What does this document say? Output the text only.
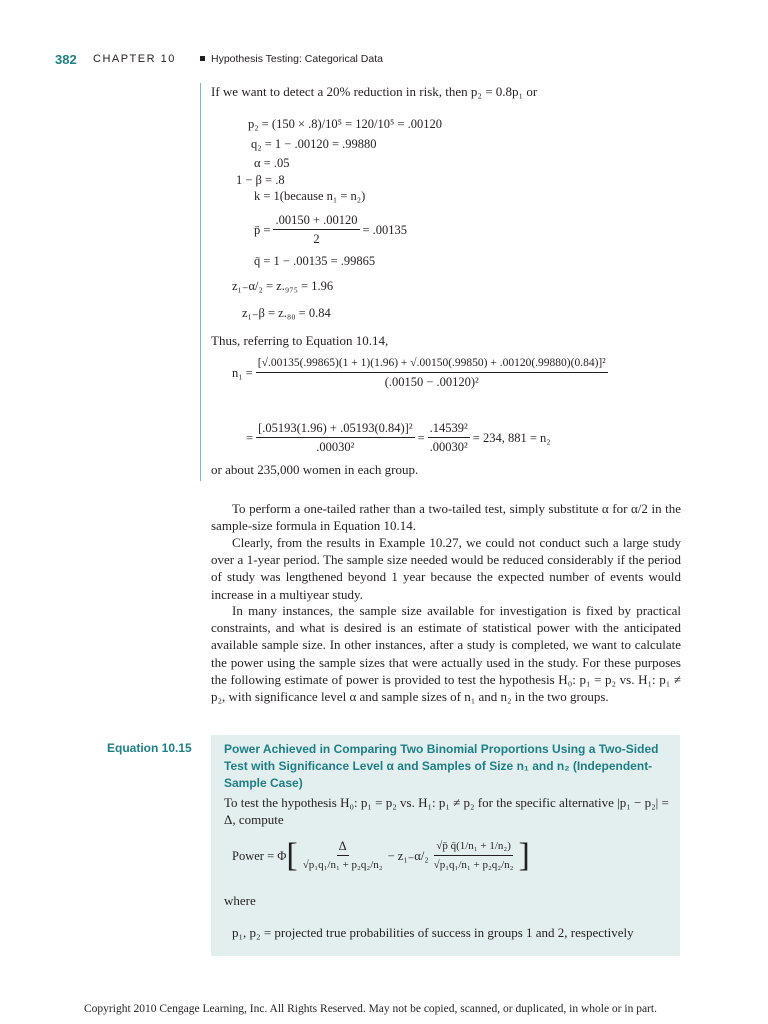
382 CHAPTER 10	Hypothesis Testing: Categorical Data
If we want to detect a 20% reduction in risk, then p₂ = 0.8p₁ or
p₂ = (150 × .8)/10⁵ = 120/10⁵ = .00120
q₂ = 1 − .00120 = .99880
α = .05
1 − β = .8
k = 1(because n₁ = n₂)
p̄ = $\frac{.00150 + .00120}{2} = .00135$
q̄ = 1 − .00135 = .99865
z₁₋α/₂ = z.₉₇₅ = 1.96
z₁₋β = z.₈₀ = 0.84
Thus, referring to Equation 10.14,
n₁ =
[√.00135(.99865)(1 + 1)(1.96) + √.00150(.99850) + .00120(.99880)(0.84)]²
(.00150 − .00120)²
= $\frac{\text{[.05193(1.96) + .05193(0.84)]²}}{\text{.00030²}} = \frac{\text{.14539²}}{\text{.00030²}} = 234$, 881 = n₂
or about 235,000 women in each group.
To perform a one-tailed rather than a two-tailed test, simply substitute α for α/2 in the sample-size formula in Equation 10.14.
Clearly, from the results in Example 10.27, we could not conduct such a large study over a 1-year period. The sample size needed would be reduced considerably if the period of study was lengthened beyond 1 year because the expected number of events would increase in a multiyear study.
In many instances, the sample size available for investigation is fixed by practical constraints, and what is desired is an estimate of statistical power with the anticipated available sample size. In other instances, after a study is completed, we want to calculate the power using the sample sizes that were actually used in the study. For these purposes the following estimate of power is provided to test the hypothesis H₀: p₁ = p₂ vs. H₁: p₁ ≠ p₂, with significance level α and sample sizes of n₁ and n₂ in the two groups.
Equation 10.15	Power Achieved in Comparing Two Binomial Proportions Using a Two-Sided Test with Significance Level α and Samples of Size n₁ and n₂ (Independent-Sample Case)
To test the hypothesis H₀: p₁ = p₂ vs. H₁: p₁ ≠ p₂ for the specific alternative |p₁ − p₂| = Δ, compute
Power = Φ [ $\frac{\Delta}{\text{√p₁q₁/n₁ + p₂q₂/n₂}} - z_{1-}\alpha/_2 \frac{\text{√p̄ q̄(1/n₁ + 1/n₂)}}{\text{√p₁q₁/n₁ + p₂q₂/n₂}}$ ]
where
p₁, p₂ = projected true probabilities of success in groups 1 and 2, respectively
Copyright 2010 Cengage Learning, Inc. All Rights Reserved. May not be copied, scanned, or duplicated, in whole or in part.
